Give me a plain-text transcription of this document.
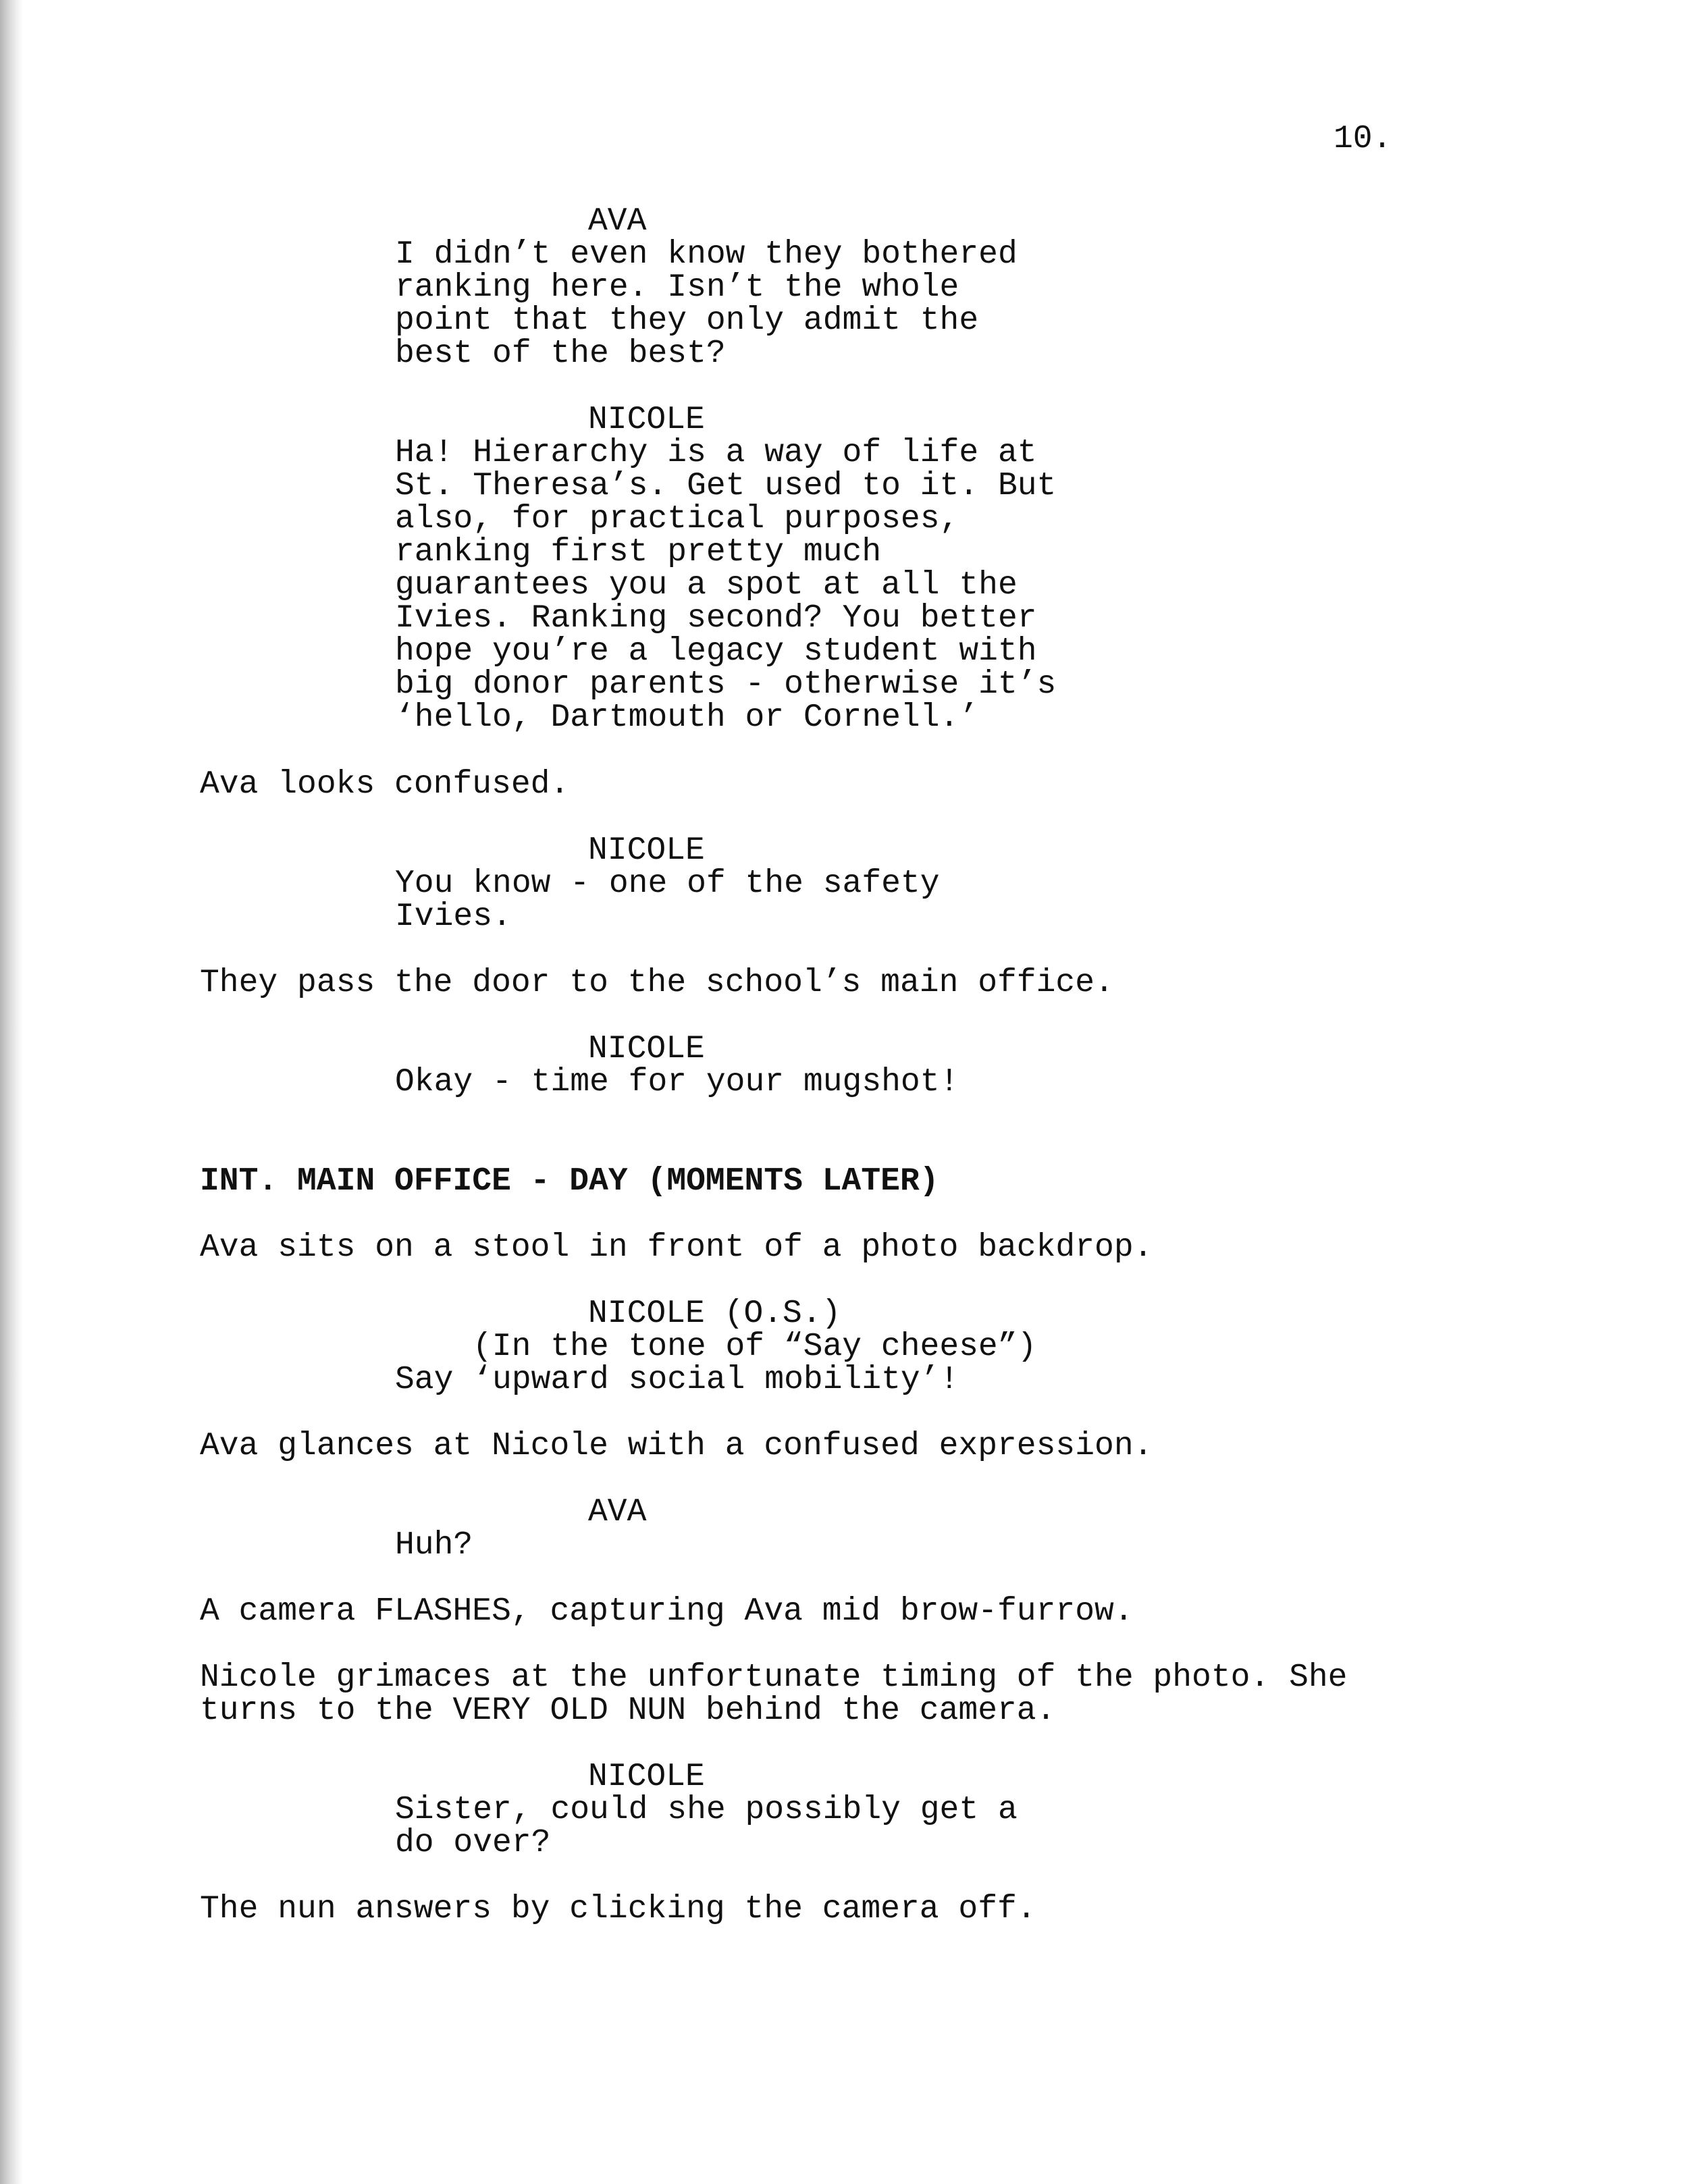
10.

AVA

I didn’t even know they bothered
ranking here. Isn’t the whole
point that they only admit the
best of the best?

NICOLE

Ha! Hierarchy is a way of life at
St. Theresa’s. Get used to it. But
also, for practical purposes,
ranking first pretty much
guarantees you a spot at all the
Ivies. Ranking second? You better
hope you’re a legacy student with
big donor parents - otherwise it’s
‘hello, Dartmouth or Cornell.’

Ava looks confused.

NICOLE

You know - one of the safety
Ivies.

They pass the door to the school’s main office.

NICOLE

Okay - time for your mugshot!

INT. MAIN OFFICE - DAY (MOMENTS LATER)

Ava sits on a stool in front of a photo backdrop.

NICOLE (O.S.)

(In the tone of “Say cheese”)

Say ‘upward social mobility’!

Ava glances at Nicole with a confused expression.

AVA

Huh?

A camera FLASHES, capturing Ava mid brow-furrow.

Nicole grimaces at the unfortunate timing of the photo. She
turns to the VERY OLD NUN behind the camera.

NICOLE

Sister, could she possibly get a
do over?

The nun answers by clicking the camera off.
